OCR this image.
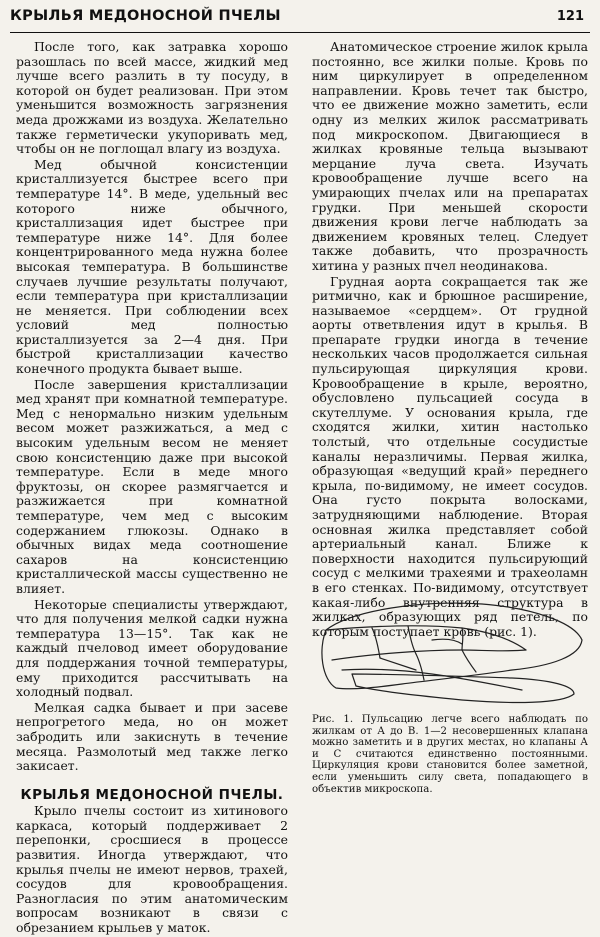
КРЫЛЬЯ МЕДОНОСНОЙ ПЧЕЛЫ	121

После того, как затравка хорошо разошлась по всей массе, жидкий мед лучше всего разлить в ту посуду, в которой он будет реализован. При этом уменьшится возможность загрязнения меда дрожжами из воздуха. Желательно также герметически укупоривать мед, чтобы он не поглощал влагу из воздуха.

Мед обычной консистенции кристаллизуется быстрее всего при температуре 14°. В меде, удельный вес которого ниже обычного, кристаллизация идет быстрее при температуре ниже 14°. Для более концентрированного меда нужна более высокая температура. В большинстве случаев лучшие результаты получают, если температура при кристаллизации не меняется. При соблюдении всех условий мед полностью кристаллизуется за 2—4 дня. При быстрой кристаллизации качество конечного продукта бывает выше.

После завершения кристаллизации мед хранят при комнатной температуре. Мед с ненормально низким удельным весом может разжижаться, а мед с высоким удельным весом не меняет свою консистенцию даже при высокой температуре. Если в меде много фруктозы, он скорее размягчается и разжижается при комнатной температуре, чем мед с высоким содержанием глюкозы. Однако в обычных видах меда соотношение сахаров на консистенцию кристаллической массы существенно не влияет.

Некоторые специалисты утверждают, что для получения мелкой садки нужна температура 13—15°. Так как не каждый пчеловод имеет оборудование для поддержания точной температуры, ему приходится рассчитывать на холодный подвал.

Мелкая садка бывает и при засеве непрогретого меда, но он может забродить или закиснуть в течение месяца. Размолотый мед также легко закисает.

КРЫЛЬЯ МЕДОНОСНОЙ ПЧЕЛЫ.

Крыло пчелы состоит из хитинового каркаса, который поддерживает 2 перепонки, сросшиеся в процессе развития. Иногда утверждают, что крылья пчелы не имеют нервов, трахей, сосудов для кровообращения. Разногласия по этим анатомическим вопросам возникают в связи с обрезанием крыльев у маток.

Анатомическое строение жилок крыла постоянно, все жилки полые. Кровь по ним циркулирует в определенном направлении. Кровь течет так быстро, что ее движение можно заметить, если одну из мелких жилок рассматривать под микроскопом. Двигающиеся в жилках кровяные тельца вызывают мерцание луча света. Изучать кровообращение лучше всего на умирающих пчелах или на препаратах грудки. При меньшей скорости движения крови легче наблюдать за движением кровяных телец. Следует также добавить, что прозрачность хитина у разных пчел неодинакова.

Грудная аорта сокращается так же ритмично, как и брюшное расширение, называемое «сердцем». От грудной аорты ответвления идут в крылья. В препарате грудки иногда в течение нескольких часов продолжается сильная пульсирующая циркуляция крови. Кровообращение в крыле, вероятно, обусловлено пульсацией сосуда в скутеллуме. У основания крыла, где сходятся жилки, хитин настолько толстый, что отдельные сосудистые каналы неразличимы. Первая жилка, образующая «ведущий край» переднего крыла, по-видимому, не имеет сосудов. Она густо покрыта волосками, затрудняющими наблюдение. Вторая основная жилка представляет собой артериальный канал. Ближе к поверхности находится пульсирующий сосуд с мелкими трахеями и трахеоламн в его стенках. По-видимому, отсутствует какая-либо внутренняя структура в жилках, образующих ряд петель, по которым поступает кровь (рис. 1).

Рис. 1. Пульсацию легче всего наблюдать по жилкам от А до В. 1—2 несовершенных клапана можно заметить и в других местах, но клапаны А и С считаются единственно постоянными. Циркуляция крови становится более заметной, если уменьшить силу света, попадающего в объектив микроскопа.
